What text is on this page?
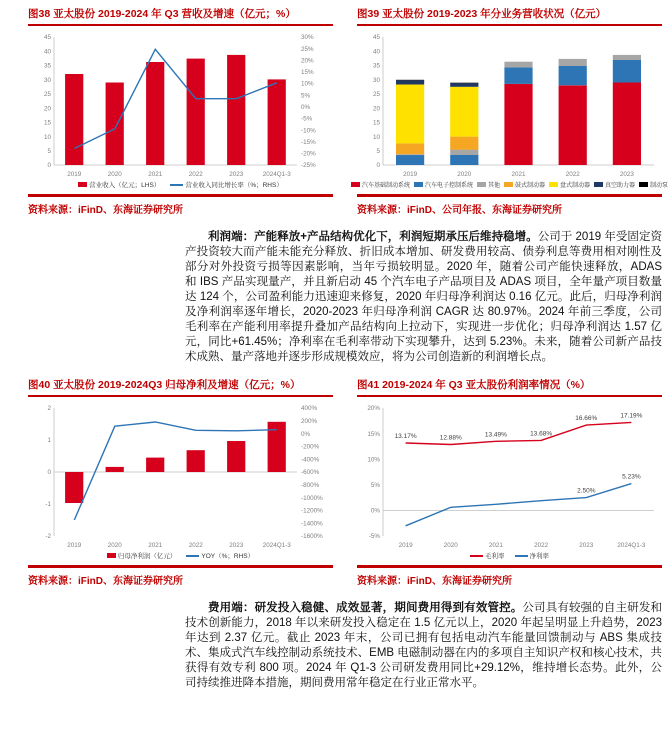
图38 亚太股份 2019-2024 年 Q3 营收及增速（亿元；%）
45
40
35
30
25
20
15
10
5
0
30%
25%
20%
15%
10%
5%
0%
-5%
-10%
-15%
-20%
-25%
2019	2020	2021	2022	2023	2024Q1-3
营业收入（亿元；LHS）	营业收入同比增长率（%；RHS）
资料来源：iFinD、东海证券研究所
图39 亚太股份 2019-2023 年分业务营收状况（亿元）
45
40
35
30
25
20
15
10
5
0
2019	2020	2021	2022	2023
汽车基础制动系统	汽车电子控制系统	其他	鼓式制动器	盘式制动器	真空助力器	制动泵
资料来源：iFinD、公司年报、东海证券研究所

利润端：产能释放+产品结构优化下，利润短期承压后维持稳增。公司于 2019 年受固定资产投资较大而产能未能充分释放、折旧成本增加、研发费用较高、债券利息等费用相对刚性及部分对外投资亏损等因素影响，当年亏损较明显。2020 年，随着公司产能快速释放，ADAS 和 IBS 产品实现量产，并且新启动 45 个汽车电子产品项目及 ADAS 项目，全年量产项目数量达 124 个，公司盈利能力迅速迎来修复，2020 年归母净利润达 0.16 亿元。此后，归母净利润及净利润率逐年增长，2020-2023 年归母净利润 CAGR 达 80.97%。2024 年前三季度，公司毛利率在产能利用率提升叠加产品结构向上拉动下，实现进一步优化；归母净利润达 1.57 亿元，同比+61.45%；净利率在毛利率带动下实现攀升，达到 5.23%。未来，随着公司新产品技术成熟、量产落地并逐步形成规模效应，将为公司创造新的利润增长点。

图40 亚太股份 2019-2024Q3 归母净利及增速（亿元；%）
2
1
0
-1
-2
400%
200%
0%
-200%
-400%
-600%
-800%
-1000%
-1200%
-1400%
-1600%
2019	2020	2021	2022	2023	2024Q1-3
归母净利润（亿元）	YOY（%；RHS）
资料来源：iFinD、东海证券研究所
图41 2019-2024 年 Q3 亚太股份利润率情况（%）
20%
15%
10%
5%
0%
-5%
2019	2020	2021	2022	2023	2024Q1-3
13.17%	12.88%	13.49%	13.68%
16.66%	17.19%
2.50%
5.23%
毛利率	净利率
资料来源：iFinD、东海证券研究所

费用端：研发投入稳健、成效显著，期间费用得到有效管控。公司具有较强的自主研发和技术创新能力，2018 年以来研发投入稳定在 1.5 亿元以上，2020 年起呈明显上升趋势，2023 年达到 2.37 亿元。截止 2023 年末，公司已拥有包括电动汽车能量回馈制动与 ABS 集成技术、集成式汽车线控制动系统技术、EMB 电磁制动器在内的多项自主知识产权和核心技术，共获得有效专利 800 项。2024 年 Q1-3 公司研发费用同比+29.12%，维持增长态势。此外，公司持续推进降本措施，期间费用常年稳定在行业正常水平。
